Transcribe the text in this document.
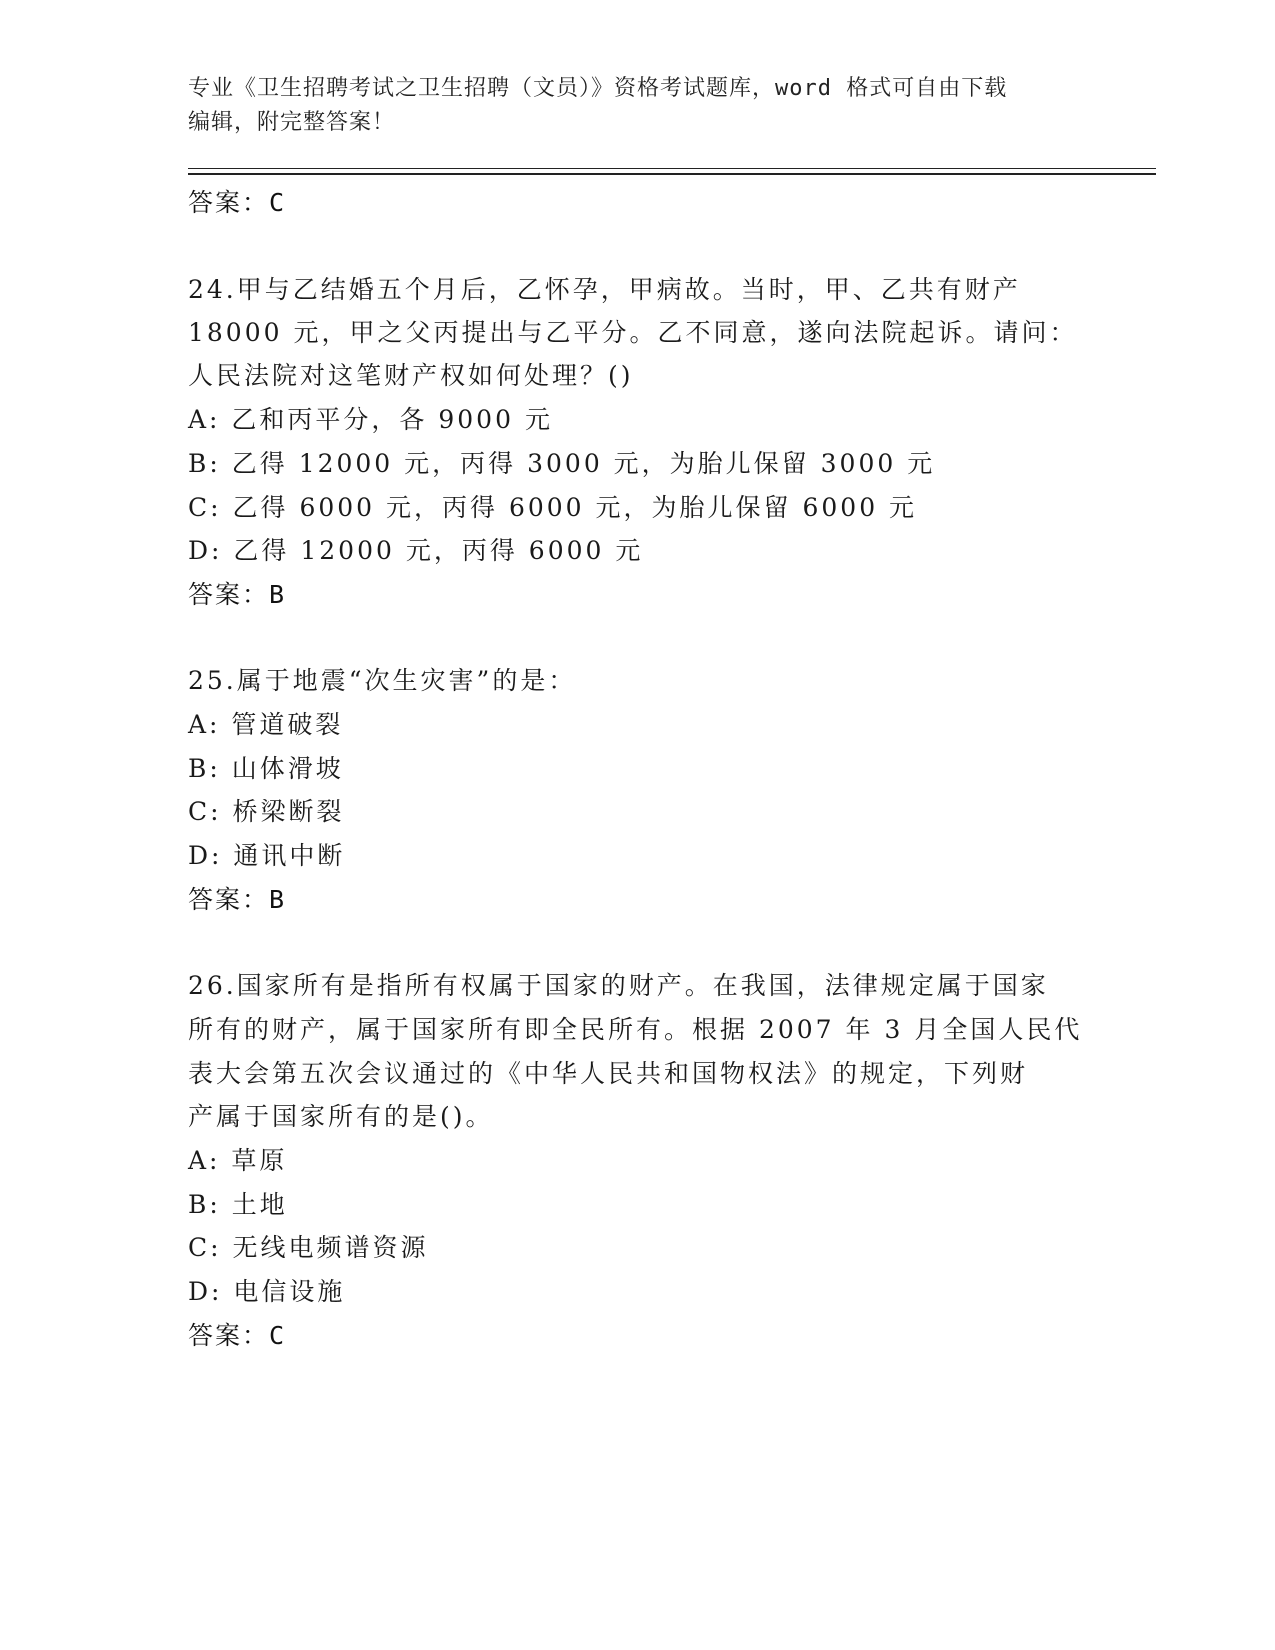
专业《卫生招聘考试之卫生招聘（文员）》资格考试题库，word 格式可自由下载
编辑，附完整答案！
答案：C
24.甲与乙结婚五个月后，乙怀孕，甲病故。当时，甲、乙共有财产
18000 元，甲之父丙提出与乙平分。乙不同意，遂向法院起诉。请问：
人民法院对这笔财产权如何处理？()
A: 乙和丙平分，各 9000 元
B: 乙得 12000 元，丙得 3000 元，为胎儿保留 3000 元
C: 乙得 6000 元，丙得 6000 元，为胎儿保留 6000 元
D: 乙得 12000 元，丙得 6000 元
答案：B
25.属于地震“次生灾害”的是：
A: 管道破裂
B: 山体滑坡
C: 桥梁断裂
D: 通讯中断
答案：B
26.国家所有是指所有权属于国家的财产。在我国，法律规定属于国家
所有的财产，属于国家所有即全民所有。根据 2007 年 3 月全国人民代
表大会第五次会议通过的《中华人民共和国物权法》的规定，下列财
产属于国家所有的是()。
A: 草原
B: 土地
C: 无线电频谱资源
D: 电信设施
答案：C
